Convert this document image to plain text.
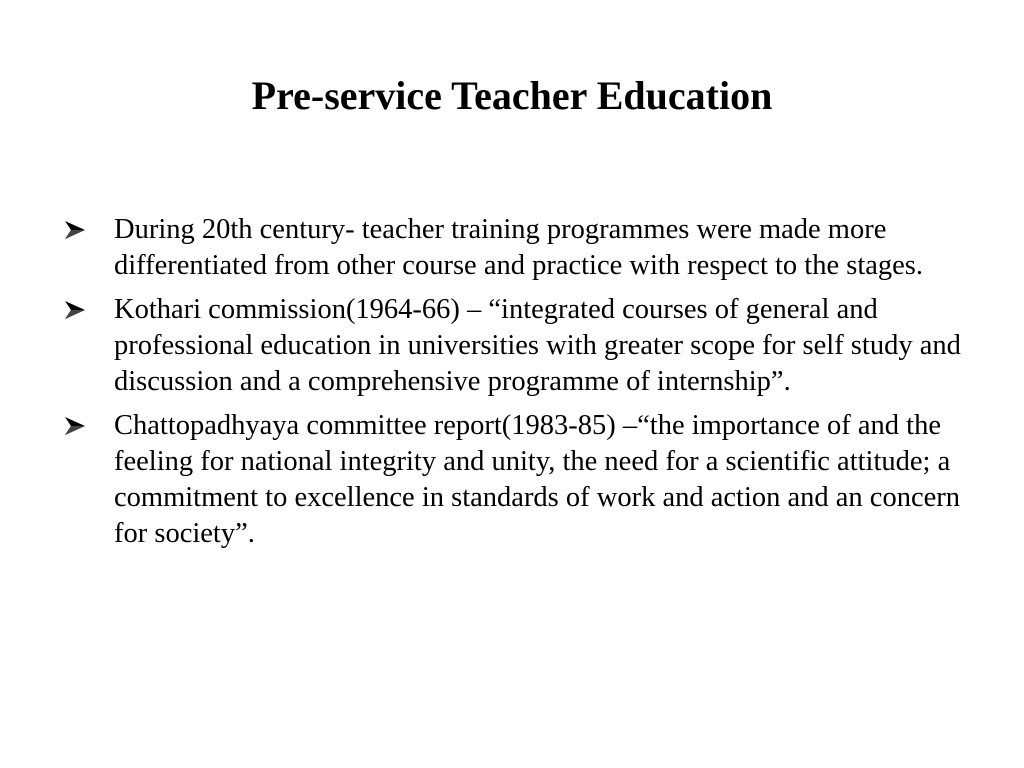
Pre-service Teacher Education
During 20th century- teacher training programmes were made more differentiated from other course and practice with respect to the stages.
Kothari commission(1964-66) – “integrated courses of general and professional education in universities with greater scope for self study and discussion and a comprehensive programme of internship”.
Chattopadhyaya committee report(1983-85) –“the importance of and the feeling for national integrity and unity, the need for a scientific attitude; a commitment to excellence in standards of work and action and an concern for society”.
